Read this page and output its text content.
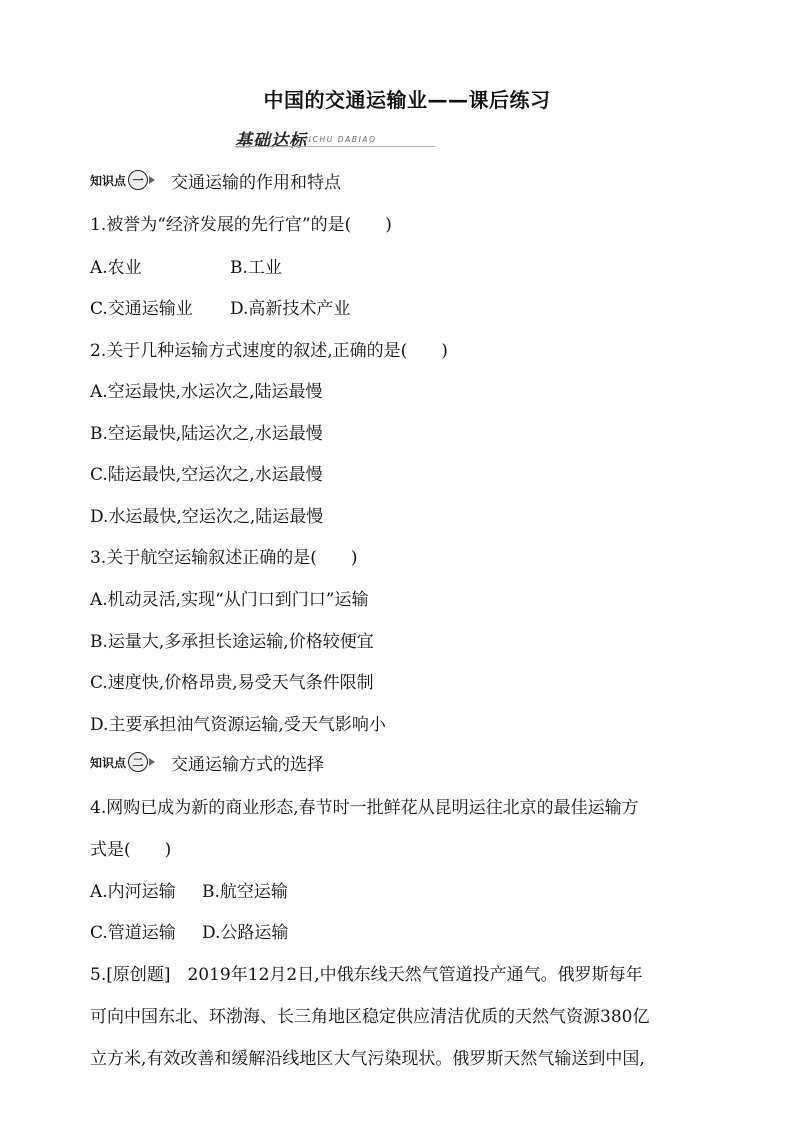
中国的交通运输业——课后练习
基础达标
JICHU DABIAO
知识点 一 交通运输的作用和特点
1.被誉为“经济发展的先行官”的是(　　)
A.农业	B.工业
C.交通运输业 D.高新技术产业
2.关于几种运输方式速度的叙述,正确的是(　　)
A.空运最快,水运次之,陆运最慢
B.空运最快,陆运次之,水运最慢
C.陆运最快,空运次之,水运最慢
D.水运最快,空运次之,陆运最慢
3.关于航空运输叙述正确的是(　　)
A.机动灵活,实现“从门口到门口”运输
B.运量大,多承担长途运输,价格较便宜
C.速度快,价格昂贵,易受天气条件限制
D.主要承担油气资源运输,受天气影响小
知识点 二 交通运输方式的选择
4.网购已成为新的商业形态,春节时一批鲜花从昆明运往北京的最佳运输方
式是(　　)
A.内河运输 B.航空运输
C.管道运输 D.公路运输
5.[原创题]　2019年12月2日,中俄东线天然气管道投产通气。俄罗斯每年
可向中国东北、环渤海、长三角地区稳定供应清洁优质的天然气资源380亿
立方米,有效改善和缓解沿线地区大气污染现状。俄罗斯天然气输送到中国,
